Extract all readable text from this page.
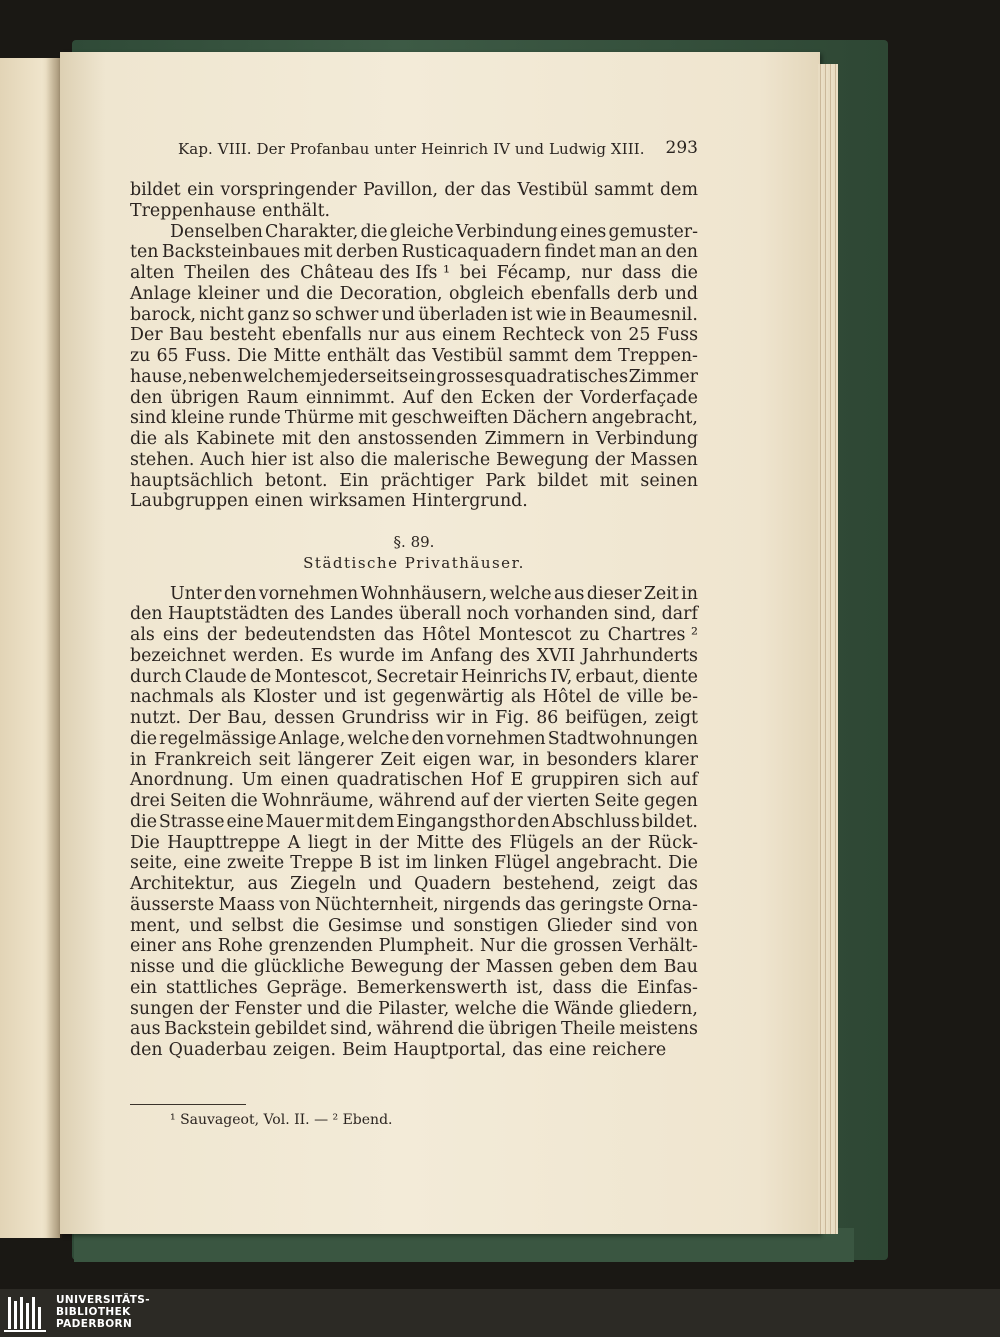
Kap. VIII. Der Profanbau unter Heinrich IV und Ludwig XIII. 293
bildet ein vorspringender Pavillon, der das Vestibül sammt dem
Treppenhause enthält.
Denselben Charakter, die gleiche Verbindung eines gemuster-
ten Backsteinbaues mit derben Rusticaquadern findet man an den
alten Theilen des Château des Ifs ¹ bei Fécamp, nur dass die
Anlage kleiner und die Decoration, obgleich ebenfalls derb und
barock, nicht ganz so schwer und überladen ist wie in Beaumesnil.
Der Bau besteht ebenfalls nur aus einem Rechteck von 25 Fuss
zu 65 Fuss. Die Mitte enthält das Vestibül sammt dem Treppen-
hause, neben welchem jederseits ein grosses quadratisches Zimmer
den übrigen Raum einnimmt. Auf den Ecken der Vorderfaçade
sind kleine runde Thürme mit geschweiften Dächern angebracht,
die als Kabinete mit den anstossenden Zimmern in Verbindung
stehen. Auch hier ist also die malerische Bewegung der Massen
hauptsächlich betont. Ein prächtiger Park bildet mit seinen
Laubgruppen einen wirksamen Hintergrund.
§. 89.
Städtische Privathäuser.
Unter den vornehmen Wohnhäusern, welche aus dieser Zeit in
den Hauptstädten des Landes überall noch vorhanden sind, darf
als eins der bedeutendsten das Hôtel Montescot zu Chartres ²
bezeichnet werden. Es wurde im Anfang des XVII Jahrhunderts
durch Claude de Montescot, Secretair Heinrichs IV, erbaut, diente
nachmals als Kloster und ist gegenwärtig als Hôtel de ville be-
nutzt. Der Bau, dessen Grundriss wir in Fig. 86 beifügen, zeigt
die regelmässige Anlage, welche den vornehmen Stadtwohnungen
in Frankreich seit längerer Zeit eigen war, in besonders klarer
Anordnung. Um einen quadratischen Hof E gruppiren sich auf
drei Seiten die Wohnräume, während auf der vierten Seite gegen
die Strasse eine Mauer mit dem Eingangsthor den Abschluss bildet.
Die Haupttreppe A liegt in der Mitte des Flügels an der Rück-
seite, eine zweite Treppe B ist im linken Flügel angebracht. Die
Architektur, aus Ziegeln und Quadern bestehend, zeigt das
äusserste Maass von Nüchternheit, nirgends das geringste Orna-
ment, und selbst die Gesimse und sonstigen Glieder sind von
einer ans Rohe grenzenden Plumpheit. Nur die grossen Verhält-
nisse und die glückliche Bewegung der Massen geben dem Bau
ein stattliches Gepräge. Bemerkenswerth ist, dass die Einfas-
sungen der Fenster und die Pilaster, welche die Wände gliedern,
aus Backstein gebildet sind, während die übrigen Theile meistens
den Quaderbau zeigen. Beim Hauptportal, das eine reichere
¹ Sauvageot, Vol. II. — ² Ebend.
UNIVERSITÄTS-
BIBLIOTHEK
PADERBORN
